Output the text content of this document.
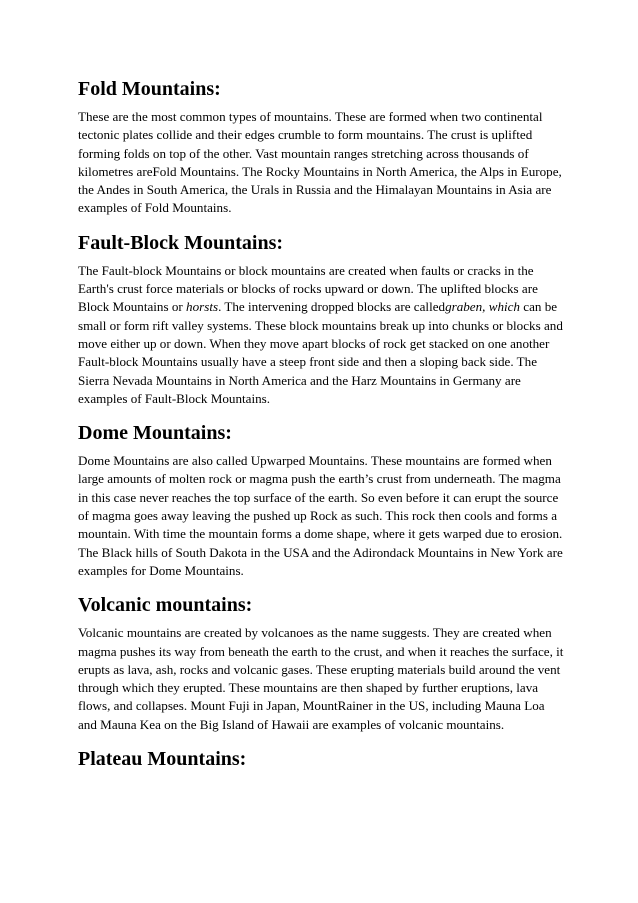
Fold Mountains:

These are the most common types of mountains. These are formed when two continental tectonic plates collide and their edges crumble to form mountains. The crust is uplifted forming folds on top of the other. Vast mountain ranges stretching across thousands of kilometres areFold Mountains. The Rocky Mountains in North America, the Alps in Europe, the Andes in South America, the Urals in Russia and the Himalayan Mountains in Asia are examples of Fold Mountains.

Fault-Block Mountains:

The Fault-block Mountains or block mountains are created when faults or cracks in the Earth's crust force materials or blocks of rocks upward or down. The uplifted blocks are Block Mountains or horsts. The intervening dropped blocks are calledgraben, which can be small or form rift valley systems. These block mountains break up into chunks or blocks and move either up or down. When they move apart blocks of rock get stacked on one another Fault-block Mountains usually have a steep front side and then a sloping back side. The Sierra Nevada Mountains in North America and the Harz Mountains in Germany are examples of Fault-Block Mountains.

Dome Mountains:

Dome Mountains are also called Upwarped Mountains. These mountains are formed when large amounts of molten rock or magma push the earth’s crust from underneath. The magma in this case never reaches the top surface of the earth. So even before it can erupt the source of magma goes away leaving the pushed up Rock as such. This rock then cools and forms a mountain. With time the mountain forms a dome shape, where it gets warped due to erosion. The Black hills of South Dakota in the USA and the Adirondack Mountains in New York are examples for Dome Mountains.

Volcanic mountains:

Volcanic mountains are created by volcanoes as the name suggests. They are created when magma pushes its way from beneath the earth to the crust, and when it reaches the surface, it erupts as lava, ash, rocks and volcanic gases. These erupting materials build around the vent through which they erupted. These mountains are then shaped by further eruptions, lava flows, and collapses. Mount Fuji in Japan, MountRainer in the US, including Mauna Loa and Mauna Kea on the Big Island of Hawaii are examples of volcanic mountains.

Plateau Mountains:
